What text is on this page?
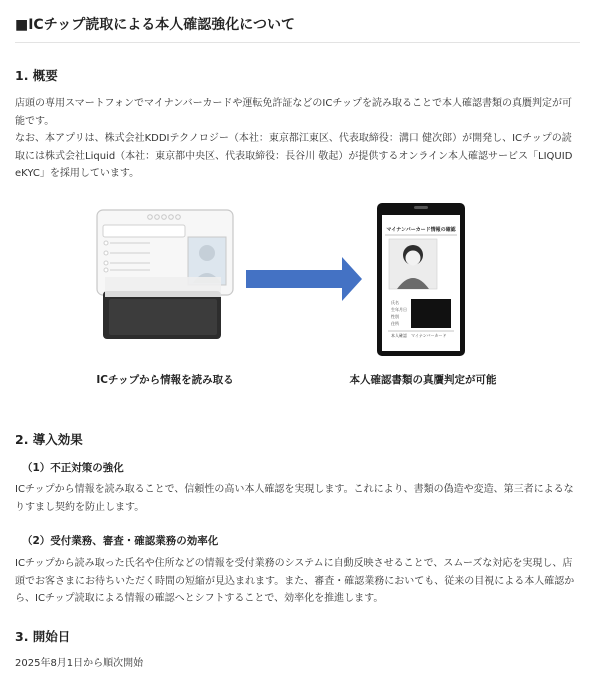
■ICチップ読取による本人確認強化について
1. 概要

店頭の専用スマートフォンでマイナンバーカードや運転免許証などのICチップを読み取ることで本人確認書類の真贋判定が可能です。

なお、本アプリは、株式会社KDDIテクノロジー（本社：東京都江東区、代表取締役：溝口 健次郎）が開発し、ICチップの読取には株式会社Liquid（本社：東京都中央区、代表取締役：長谷川 敬起）が提供するオンライン本人確認サービス「LIQUID eKYC」を採用しています。

マイナンバーカード情報の確認
氏名
生年月日
性別
住所
本人確認 マイナンバーカード
ICチップから情報を読み取る	本人確認書類の真贋判定が可能
2. 導入効果
（1）不正対策の強化

ICチップから情報を読み取ることで、信頼性の高い本人確認を実現します。これにより、書類の偽造や変造、第三者によるなりすまし契約を防止します。

（2）受付業務、審査・確認業務の効率化

ICチップから読み取った氏名や住所などの情報を受付業務のシステムに自動反映させることで、スムーズな対応を実現し、店頭でお客さまにお待ちいただく時間の短縮が見込まれます。また、審査・確認業務においても、従来の目視による本人確認から、ICチップ読取による情報の確認へとシフトすることで、効率化を推進します。

3. 開始日

2025年8月1日から順次開始
